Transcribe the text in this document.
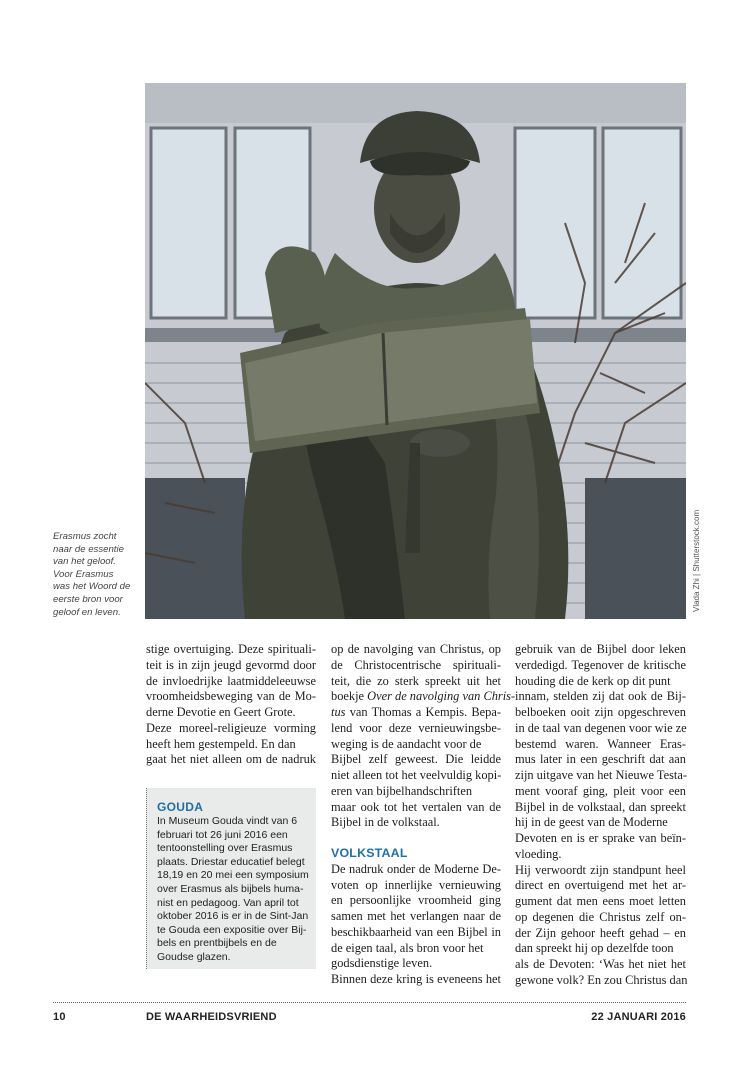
Vlada Zhi | Shutterstock.com
Erasmus zocht
naar de essentie
van het geloof.
Voor Erasmus
was het Woord de
eerste bron voor
geloof en leven.
stige overtuiging. Deze spirituali-
teit is in zijn jeugd gevormd door
de invloedrijke laatmiddeleeuwse
vroomheidsbeweging van de Mo-
derne Devotie en Geert Grote.
Deze moreel-religieuze vorming
heeft hem gestempeld. En dan
gaat het niet alleen om de nadruk
GOUDA
In Museum Gouda vindt van 6
februari tot 26 juni 2016 een
tentoonstelling over Erasmus
plaats. Driestar educatief belegt
18,19 en 20 mei een symposium
over Erasmus als bijbels huma-
nist en pedagoog. Van april tot
oktober 2016 is er in de Sint-Jan
te Gouda een expositie over Bij-
bels en prentbijbels en de
Goudse glazen.
op de navolging van Christus, op
de Christocentrische spirituali-
teit, die zo sterk spreekt uit het
boekje Over de navolging van Chris-
tus van Thomas a Kempis. Bepa-
lend voor deze vernieuwingsbe-
weging is de aandacht voor de
Bijbel zelf geweest. Die leidde
niet alleen tot het veelvuldig kopi-
eren van bijbelhandschriften
maar ook tot het vertalen van de
Bijbel in de volkstaal.
VOLKSTAAL
De nadruk onder de Moderne De-
voten op innerlijke vernieuwing
en persoonlijke vroomheid ging
samen met het verlangen naar de
beschikbaarheid van een Bijbel in
de eigen taal, als bron voor het
godsdienstige leven.
Binnen deze kring is eveneens het
gebruik van de Bijbel door leken
verdedigd. Tegenover de kritische
houding die de kerk op dit punt
innam, stelden zij dat ook de Bij-
belboeken ooit zijn opgeschreven
in de taal van degenen voor wie ze
bestemd waren. Wanneer Eras-
mus later in een geschrift dat aan
zijn uitgave van het Nieuwe Testa-
ment vooraf ging, pleit voor een
Bijbel in de volkstaal, dan spreekt
hij in de geest van de Moderne
Devoten en is er sprake van beïn-
vloeding.
Hij verwoordt zijn standpunt heel
direct en overtuigend met het ar-
gument dat men eens moet letten
op degenen die Christus zelf on-
der Zijn gehoor heeft gehad – en
dan spreekt hij op dezelfde toon
als de Devoten: ‘Was het niet het
gewone volk? En zou Christus dan
10	DE WAARHEIDSVRIEND	22 JANUARI 2016
